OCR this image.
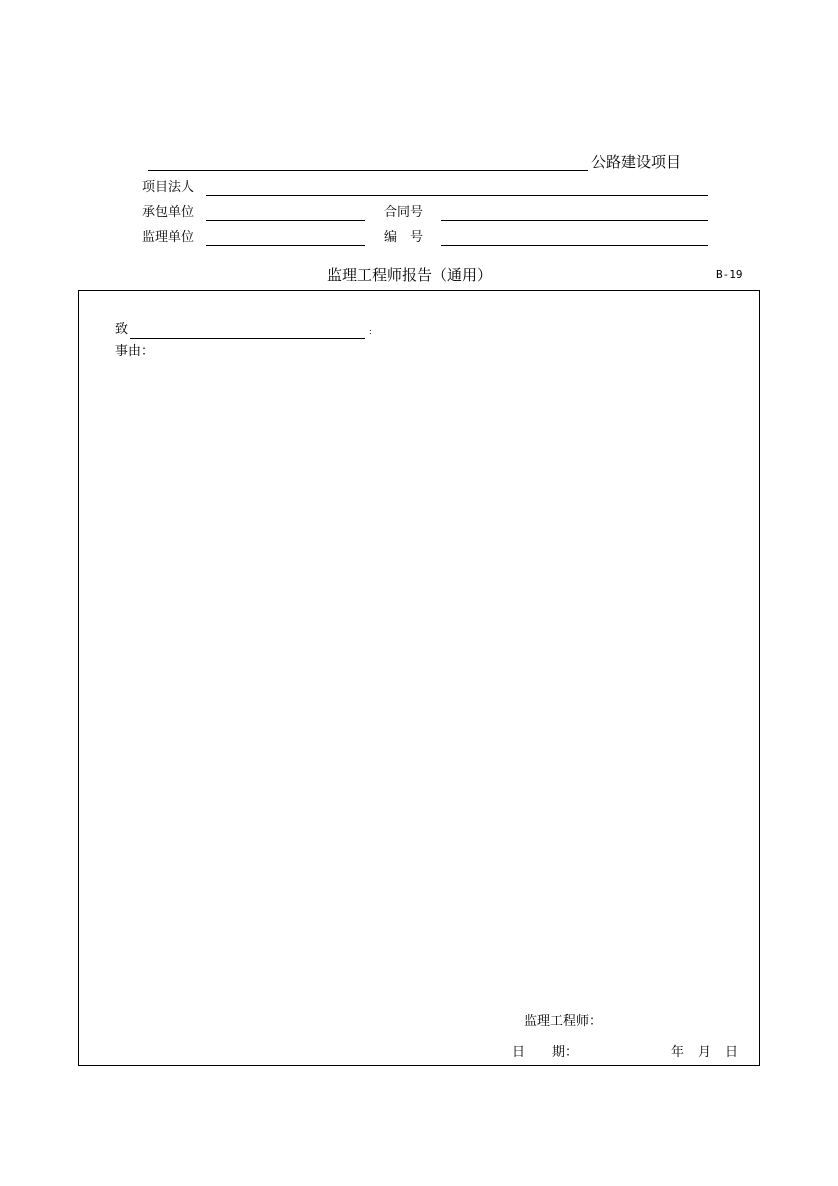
公路建设项目
项目法人
承包单位	合同号
监理单位	编　号
监理工程师报告（通用）	B-19
致	:
事由：
监理工程师：
日 期：	年 月 日
